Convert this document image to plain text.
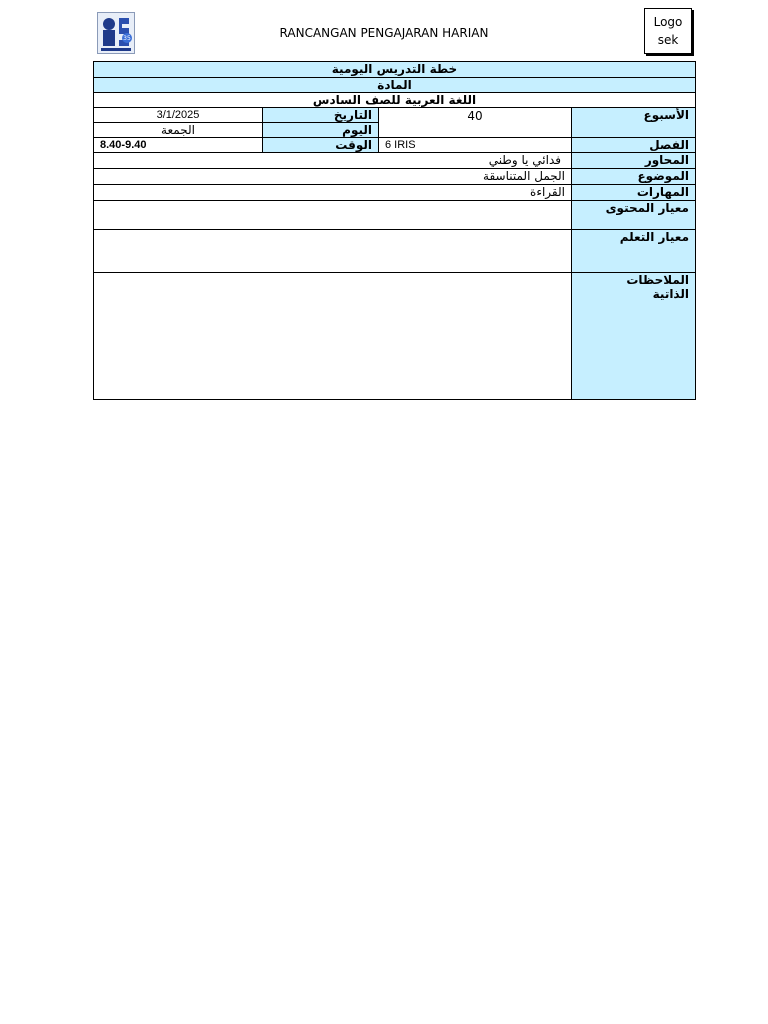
35	RANCANGAN PENGAJARAN HARIAN
Logo
sek
خطة التدريس اليومية
المادة
اللغة العربية للصف السادس
الأسبوع
40
التاريخ
3/1/2025
اليوم
الجمعة
الفصل
6 IRIS
الوقت
8.40-9.40
المحاور
فدائي يا وطني
الموضوع
الجمل المتناسقة
المهارات
القراءة
معيار المحتوى
معيار التعلم
الملاحظات
الذاتية
